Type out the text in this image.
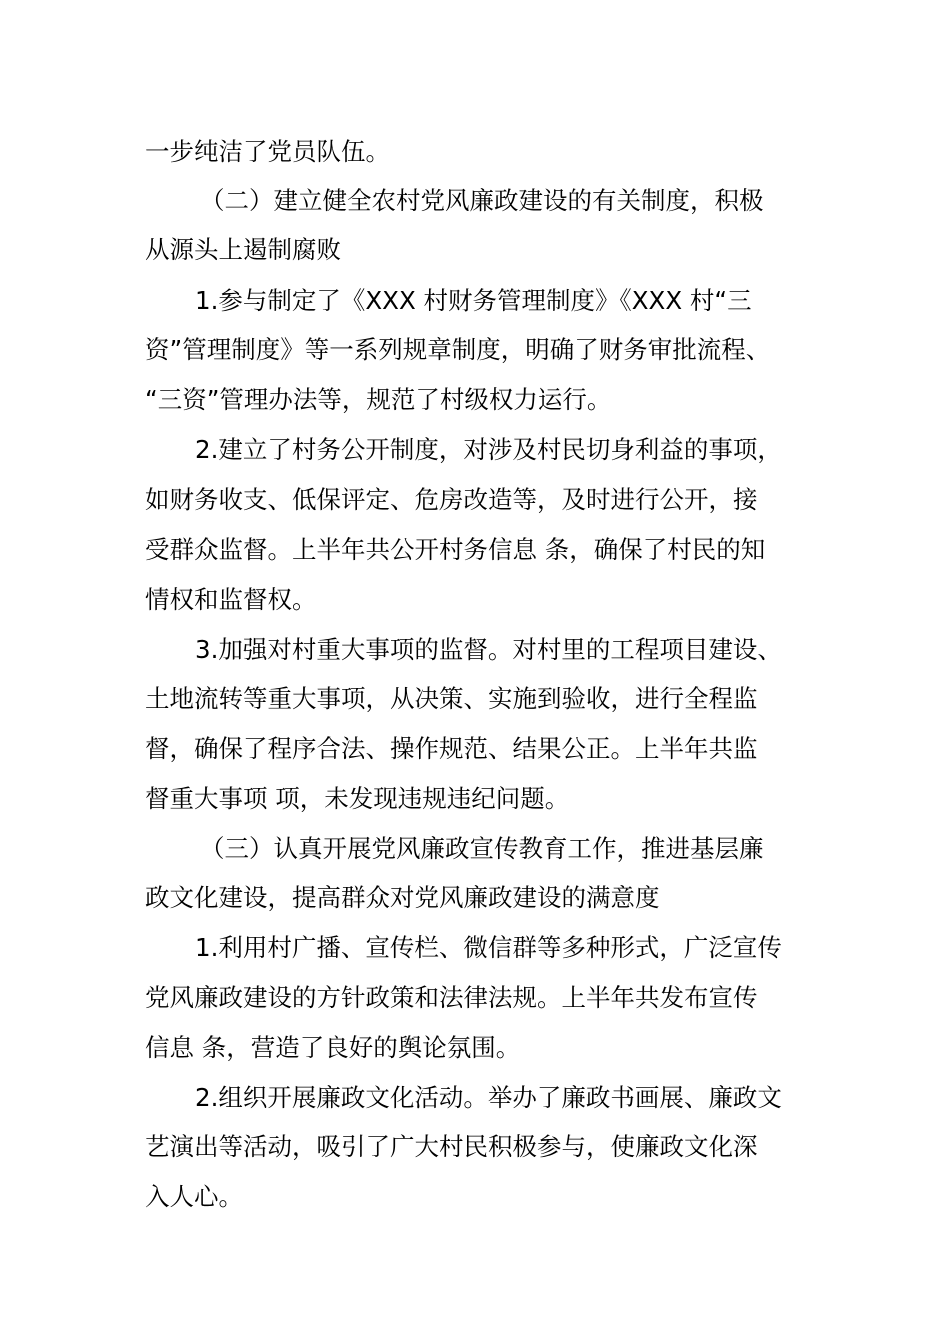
一步纯洁了党员队伍。
（二）建立健全农村党风廉政建设的有关制度，积极
从源头上遏制腐败
1.参与制定了《XXX 村财务管理制度》《XXX 村“三
资”管理制度》等一系列规章制度，明确了财务审批流程、
“三资”管理办法等，规范了村级权力运行。
2.建立了村务公开制度，对涉及村民切身利益的事项，
如财务收支、低保评定、危房改造等，及时进行公开，接
受群众监督。上半年共公开村务信息 条，确保了村民的知
情权和监督权。
3.加强对村重大事项的监督。对村里的工程项目建设、
土地流转等重大事项，从决策、实施到验收，进行全程监
督，确保了程序合法、操作规范、结果公正。上半年共监
督重大事项 项，未发现违规违纪问题。
（三）认真开展党风廉政宣传教育工作，推进基层廉
政文化建设，提高群众对党风廉政建设的满意度
1.利用村广播、宣传栏、微信群等多种形式，广泛宣传
党风廉政建设的方针政策和法律法规。上半年共发布宣传
信息 条，营造了良好的舆论氛围。
2.组织开展廉政文化活动。举办了廉政书画展、廉政文
艺演出等活动，吸引了广大村民积极参与，使廉政文化深
入人心。
